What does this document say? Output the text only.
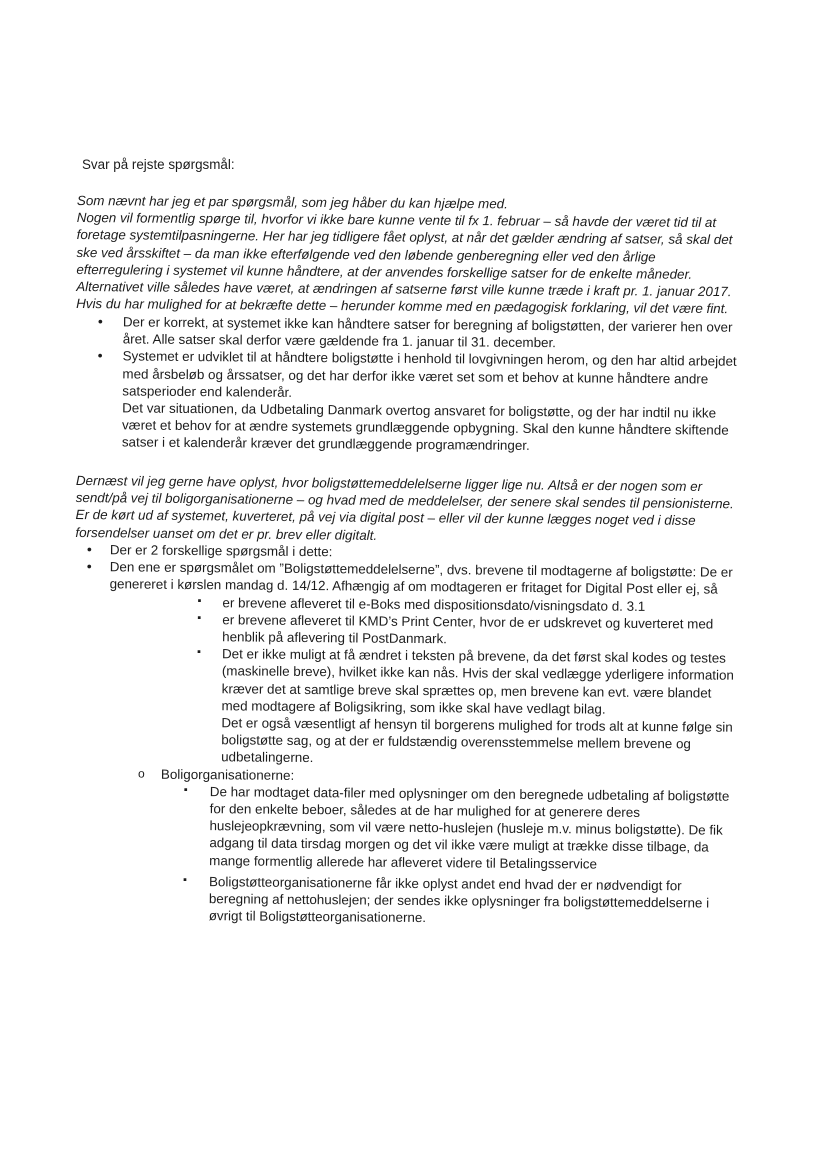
Svar på rejste spørgsmål:

Som nævnt har jeg et par spørgsmål, som jeg håber du kan hjælpe med.

Nogen vil formentlig spørge til, hvorfor vi ikke bare kunne vente til fx 1. februar – så havde der været tid til at foretage systemtilpasningerne. Her har jeg tidligere fået oplyst, at når det gælder ændring af satser, så skal det ske ved årsskiftet – da man ikke efterfølgende ved den løbende genberegning eller ved den årlige efterregulering i systemet vil kunne håndtere, at der anvendes forskellige satser for de enkelte måneder. Alternativet ville således have været, at ændringen af satserne først ville kunne træde i kraft pr. 1. januar 2017. Hvis du har mulighed for at bekræfte dette – herunder komme med en pædagogisk forklaring, vil det være fint.

• Der er korrekt, at systemet ikke kan håndtere satser for beregning af boligstøtten, der varierer hen over året. Alle satser skal derfor være gældende fra 1. januar til 31. december.
• Systemet er udviklet til at håndtere boligstøtte i henhold til lovgivningen herom, og den har altid arbejdet med årsbeløb og årssatser, og det har derfor ikke været set som et behov at kunne håndtere andre satsperioder end kalenderår.
Det var situationen, da Udbetaling Danmark overtog ansvaret for boligstøtte, og der har indtil nu ikke været et behov for at ændre systemets grundlæggende opbygning. Skal den kunne håndtere skiftende satser i et kalenderår kræver det grundlæggende programændringer.

Dernæst vil jeg gerne have oplyst, hvor boligstøttemeddelelserne ligger lige nu. Altså er der nogen som er sendt/på vej til boligorganisationerne – og hvad med de meddelelser, der senere skal sendes til pensionisterne. Er de kørt ud af systemet, kuverteret, på vej via digital post – eller vil der kunne lægges noget ved i disse forsendelser uanset om det er pr. brev eller digitalt.

• Der er 2 forskellige spørgsmål i dette:
• Den ene er spørgsmålet om ”Boligstøttemeddelelserne”, dvs. brevene til modtagerne af boligstøtte: De er genereret i kørslen mandag d. 14/12. Afhængig af om modtageren er fritaget for Digital Post eller ej, så
▪ er brevene afleveret til e-Boks med dispositionsdato/visningsdato d. 3.1
▪ er brevene afleveret til KMD’s Print Center, hvor de er udskrevet og kuverteret med henblik på aflevering til PostDanmark.
▪ Det er ikke muligt at få ændret i teksten på brevene, da det først skal kodes og testes (maskinelle breve), hvilket ikke kan nås. Hvis der skal vedlægge yderligere information kræver det at samtlige breve skal sprættes op, men brevene kan evt. være blandet med modtagere af Boligsikring, som ikke skal have vedlagt bilag.
Det er også væsentligt af hensyn til borgerens mulighed for trods alt at kunne følge sin boligstøtte sag, og at der er fuldstændig overensstemmelse mellem brevene og udbetalingerne.
o Boligorganisationerne:
▪ De har modtaget data-filer med oplysninger om den beregnede udbetaling af boligstøtte for den enkelte beboer, således at de har mulighed for at generere deres huslejeopkrævning, som vil være netto-huslejen (husleje m.v. minus boligstøtte). De fik adgang til data tirsdag morgen og det vil ikke være muligt at trække disse tilbage, da mange formentlig allerede har afleveret videre til Betalingsservice
▪ Boligstøtteorganisationerne får ikke oplyst andet end hvad der er nødvendigt for beregning af nettohuslejen; der sendes ikke oplysninger fra boligstøttemeddelserne i øvrigt til Boligstøtteorganisationerne.
